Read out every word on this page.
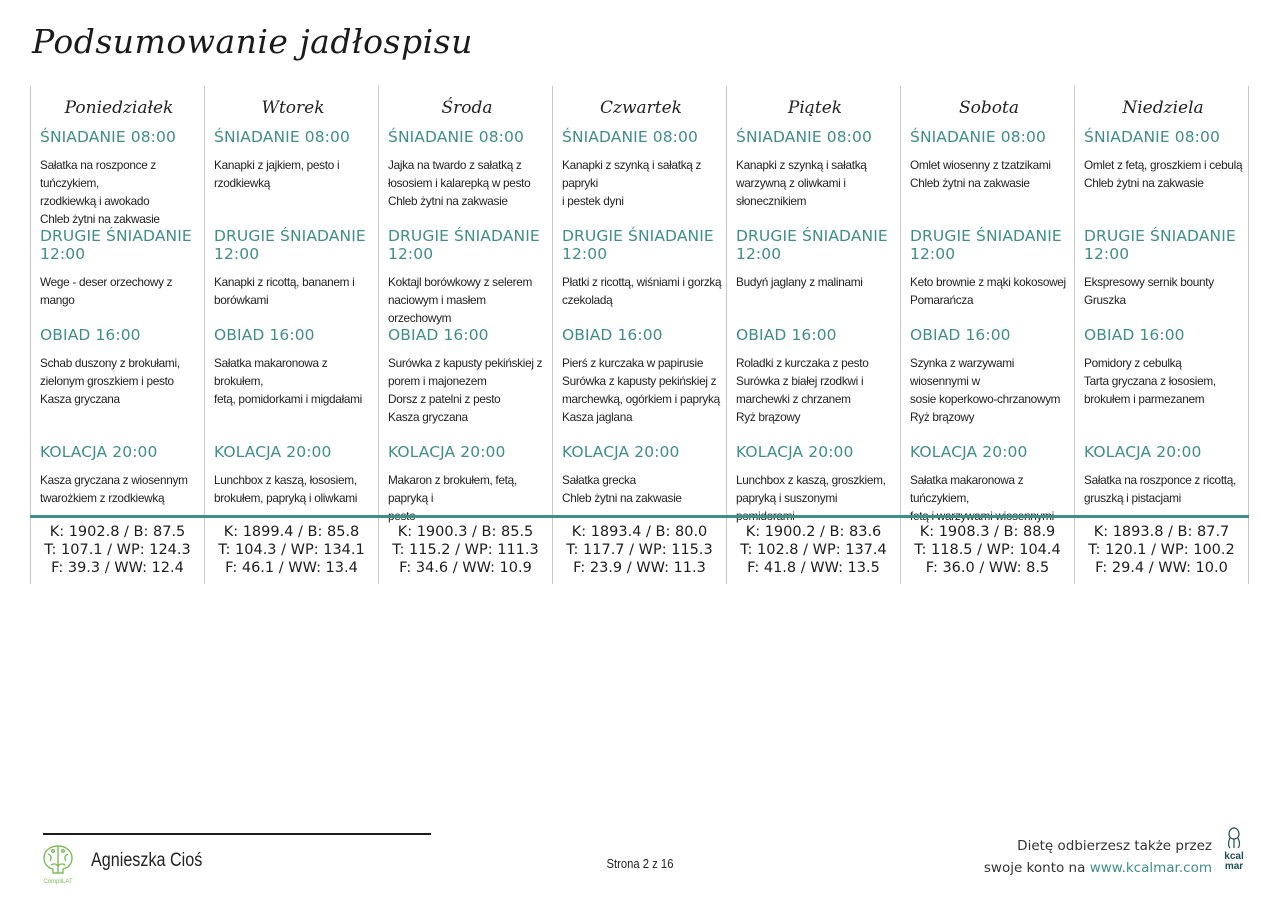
Podsumowanie jadłospisu
Poniedziałek
ŚNIADANIE 08:00
Sałatka na roszponce z tuńczykiem,
rzodkiewką i awokado
Chleb żytni na zakwasie
DRUGIE ŚNIADANIE 12:00
Wege - deser orzechowy z mango
OBIAD 16:00
Schab duszony z brokułami,
zielonym groszkiem i pesto
Kasza gryczana
KOLACJA 20:00
Kasza gryczana z wiosennym
twarożkiem z rzodkiewką
K: 1902.8 / B: 87.5
T: 107.1 / WP: 124.3
F: 39.3 / WW: 12.4
Wtorek
ŚNIADANIE 08:00
Kanapki z jajkiem, pesto i
rzodkiewką
DRUGIE ŚNIADANIE 12:00
Kanapki z ricottą, bananem i
borówkami
OBIAD 16:00
Sałatka makaronowa z brokułem,
fetą, pomidorkami i migdałami
KOLACJA 20:00
Lunchbox z kaszą, łososiem,
brokułem, papryką i oliwkami
K: 1899.4 / B: 85.8
T: 104.3 / WP: 134.1
F: 46.1 / WW: 13.4
Środa
ŚNIADANIE 08:00
Jajka na twardo z sałatką z
łososiem i kalarepką w pesto
Chleb żytni na zakwasie
DRUGIE ŚNIADANIE 12:00
Koktajl borówkowy z selerem
naciowym i masłem orzechowym
OBIAD 16:00
Surówka z kapusty pekińskiej z
porem i majonezem
Dorsz z patelni z pesto
Kasza gryczana
KOLACJA 20:00
Makaron z brokułem, fetą, papryką i
K: 1900.3 / B: 85.5
T: 115.2 / WP: 111.3
F: 34.6 / WW: 10.9
Czwartek
ŚNIADANIE 08:00
Kanapki z szynką i sałatką z papryki
i pestek dyni
DRUGIE ŚNIADANIE 12:00
Płatki z ricottą, wiśniami i gorzką
czekoladą
OBIAD 16:00
Pierś z kurczaka w papirusie
Surówka z kapusty pekińskiej z
marchewką, ogórkiem i papryką
Kasza jaglana
KOLACJA 20:00
Sałatka grecka
Chleb żytni na zakwasie
K: 1893.4 / B: 80.0
T: 117.7 / WP: 115.3
F: 23.9 / WW: 11.3
Piątek
ŚNIADANIE 08:00
Kanapki z szynką i sałatką
warzywną z oliwkami i
słonecznikiem
DRUGIE ŚNIADANIE 12:00
Budyń jaglany z malinami
OBIAD 16:00
Roladki z kurczaka z pesto
Surówka z białej rzodkwi i
marchewki z chrzanem
Ryż brązowy
KOLACJA 20:00
Lunchbox z kaszą, groszkiem,
papryką i suszonymi
K: 1900.2 / B: 83.6
T: 102.8 / WP: 137.4
F: 41.8 / WW: 13.5
Sobota
ŚNIADANIE 08:00
Omlet wiosenny z tzatzikami
Chleb żytni na zakwasie
DRUGIE ŚNIADANIE 12:00
Keto brownie z mąki kokosowej
Pomarańcza
OBIAD 16:00
Szynka z warzywami wiosennymi w
sosie koperkowo-chrzanowym
Ryż brązowy
KOLACJA 20:00
Sałatka makaronowa z tuńczykiem,
K: 1908.3 / B: 88.9
T: 118.5 / WP: 104.4
F: 36.0 / WW: 8.5
Niedziela
ŚNIADANIE 08:00
Omlet z fetą, groszkiem i cebulą
Chleb żytni na zakwasie
DRUGIE ŚNIADANIE 12:00
Ekspresowy sernik bounty
Gruszka
OBIAD 16:00
Pomidory z cebulką
Tarta gryczana z łososiem,
brokułem i parmezanem
KOLACJA 20:00
Sałatka na roszponce z ricottą,
gruszką i pistacjami
K: 1893.8 / B: 87.7
T: 120.1 / WP: 100.2
F: 29.4 / WW: 10.0
CompliLAT
Agnieszka Cioś	Strona 2 z 16
Dietę odbierzesz także przez
swoje konto na www.kcalmar.com
kcal
mar
